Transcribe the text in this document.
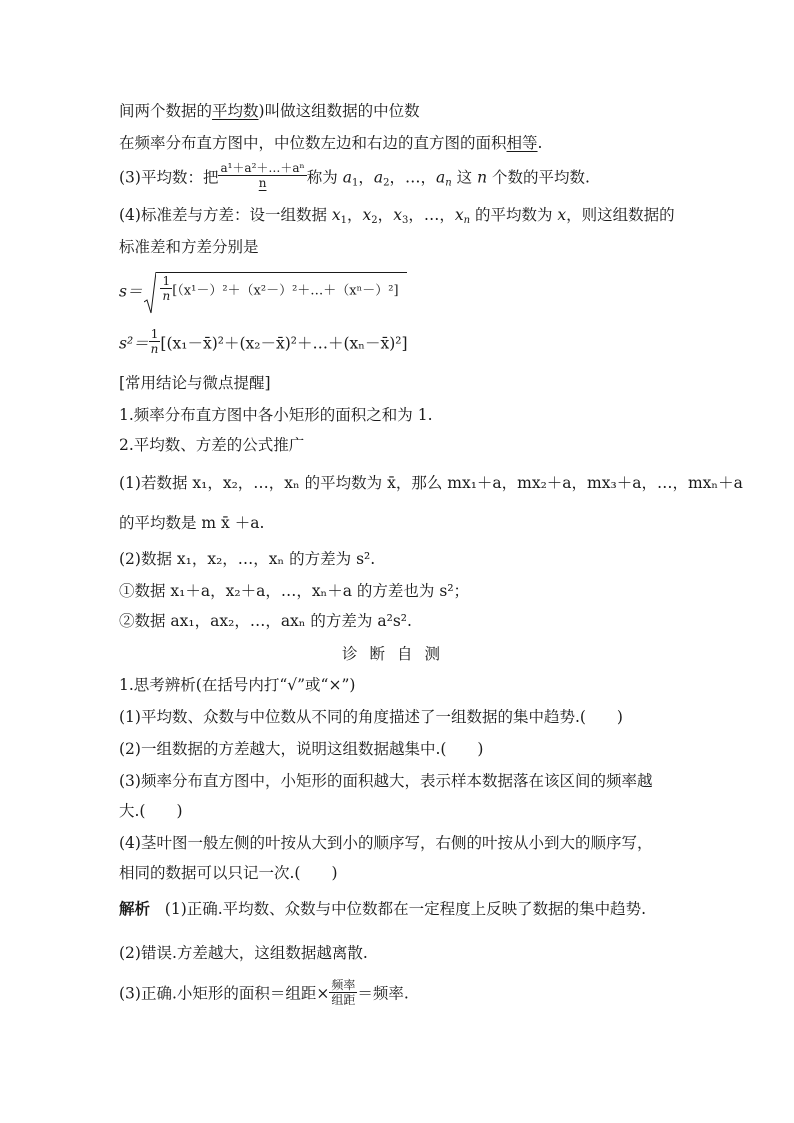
间两个数据的平均数)叫做这组数据的中位数
在频率分布直方图中，中位数左边和右边的直方图的面积相等.
(3)平均数：把 $\frac{\text{a¹＋a²＋…＋aⁿ}}{n}$ 称为 $a_1$，$a_2$，…，$a_n$ 这 n 个数的平均数.
(4)标准差与方差：设一组数据 $x_1$，$x_2$，$x_3$，…，$x_n$ 的平均数为 x，则这组数据的
标准差和方差分别是
$s= \frac{1}{n}$ [（x¹－）²＋（x²－）²＋…＋（xⁿ－）²]
$s^2= \frac{1}{n}$ [(x₁－x̄)²＋(x₂－x̄)²＋…＋(xₙ－x̄)²]
[常用结论与微点提醒]
1.频率分布直方图中各小矩形的面积之和为 1.
2.平均数、方差的公式推广
(1)若数据 x₁，x₂，…，xₙ 的平均数为 x̄，那么 mx₁＋a，mx₂＋a，mx₃＋a，…，mxₙ＋a
的平均数是 m x̄ ＋a.
(2)数据 x₁，x₂，…，xₙ 的方差为 s².
①数据 x₁＋a，x₂＋a，…，xₙ＋a 的方差也为 s²；
②数据 ax₁，ax₂，…，axₙ 的方差为 a²s².
诊断自测
1.思考辨析(在括号内打“√”或“×”)
(1)平均数、众数与中位数从不同的角度描述了一组数据的集中趋势.(　　)
(2)一组数据的方差越大，说明这组数据越集中.(　　)
(3)频率分布直方图中，小矩形的面积越大，表示样本数据落在该区间的频率越
大.(　　)
(4)茎叶图一般左侧的叶按从大到小的顺序写，右侧的叶按从小到大的顺序写，
相同的数据可以只记一次.(　　)
解析 (1)正确.平均数、众数与中位数都在一定程度上反映了数据的集中趋势.
(2)错误.方差越大，这组数据越离散.
(3)正确.小矩形的面积＝组距× $\frac{\text{频率}}{\text{组距}}$ ＝频率.
